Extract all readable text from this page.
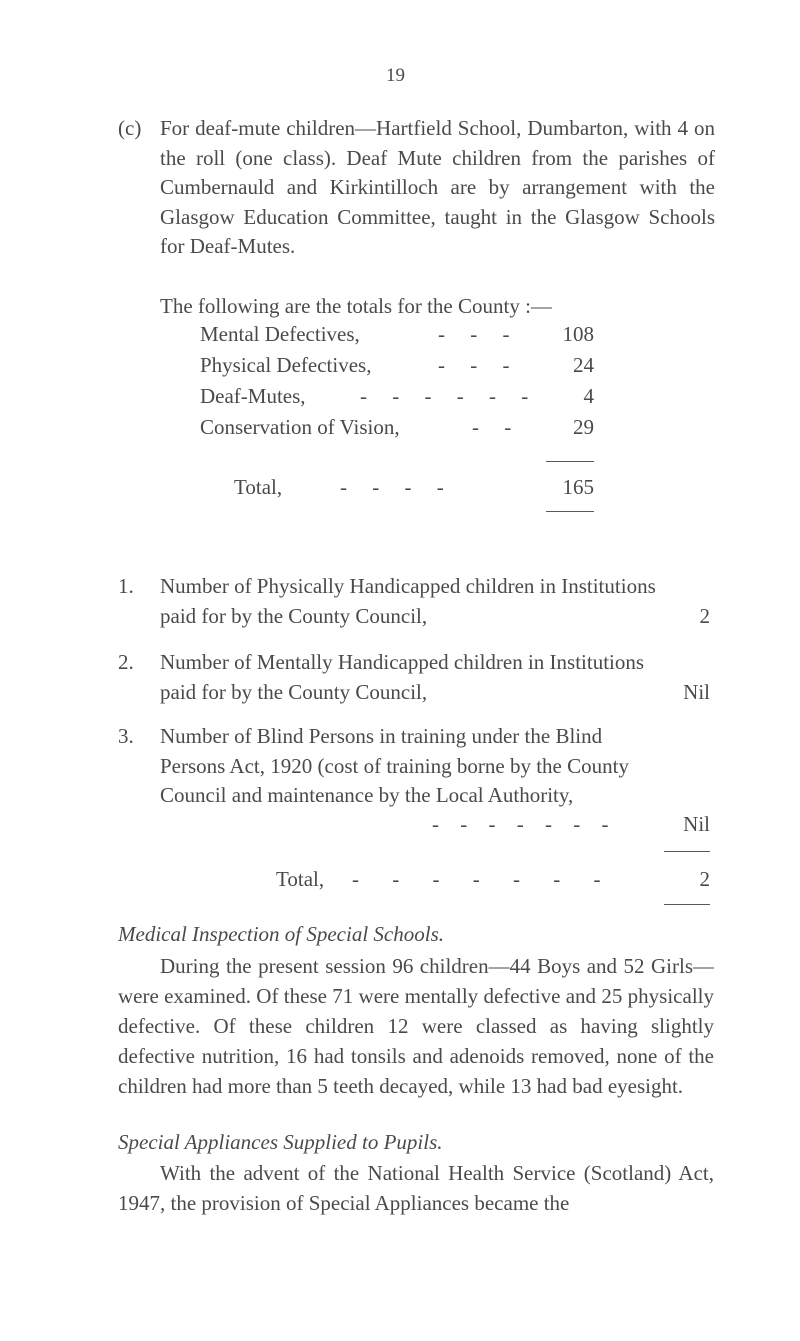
19
(c) For deaf-mute children—Hartfield School, Dumbarton, with 4 on the roll (one class). Deaf Mute children from the parishes of Cumbernauld and Kirkintilloch are by arrangement with the Glasgow Education Committee, taught in the Glasgow Schools for Deaf-Mutes.
The following are the totals for the County :—
Mental Defectives,	- - -	108
Physical Defectives,	- - -	24
Deaf-Mutes,	- - - - - -	4
Conservation of Vision,	- -	29
Total,	- - - -	165
1. Number of Physically Handicapped children in Institutions paid for by the County Council,	2
2. Number of Mentally Handicapped children in Institutions paid for by the County Council,	Nil
3. Number of Blind Persons in training under the Blind Persons Act, 1920 (cost of training borne by the County Council and maintenance by the Local Authority,
- - - - - - -	Nil
Total, - - - - - - -	2
Medical Inspection of Special Schools.
During the present session 96 children—44 Boys and 52 Girls—were examined. Of these 71 were mentally defective and 25 physically defective. Of these children 12 were classed as having slightly defective nutrition, 16 had tonsils and adenoids removed, none of the children had more than 5 teeth decayed, while 13 had bad eyesight.
Special Appliances Supplied to Pupils.
With the advent of the National Health Service (Scotland) Act, 1947, the provision of Special Appliances became the
